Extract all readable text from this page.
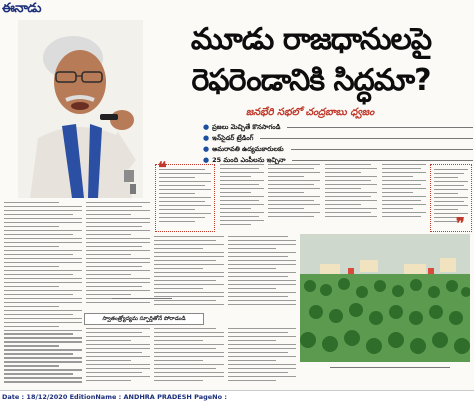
ఈనాడు
మూడు రాజధానులపై
రెఫరెండానికి సిద్ధమా?
జనభేరి సభలో చంద్రబాబు ధ్వజం
● ప్రజలు మెచ్చితే కొనసాగండి
● ఇన్‌సైడర్ ట్రేడింగ్
● అమరావతి ఉద్యమకారులకు
● 25 మంది ఎంపీలను ఇచ్చినా
❝
❞
స్వాతంత్ర్యోద్యమ స్ఫూర్తితోనే పోరాడండి
Date : 18/12/2020 EditionName : ANDHRA PRADESH PageNo :
